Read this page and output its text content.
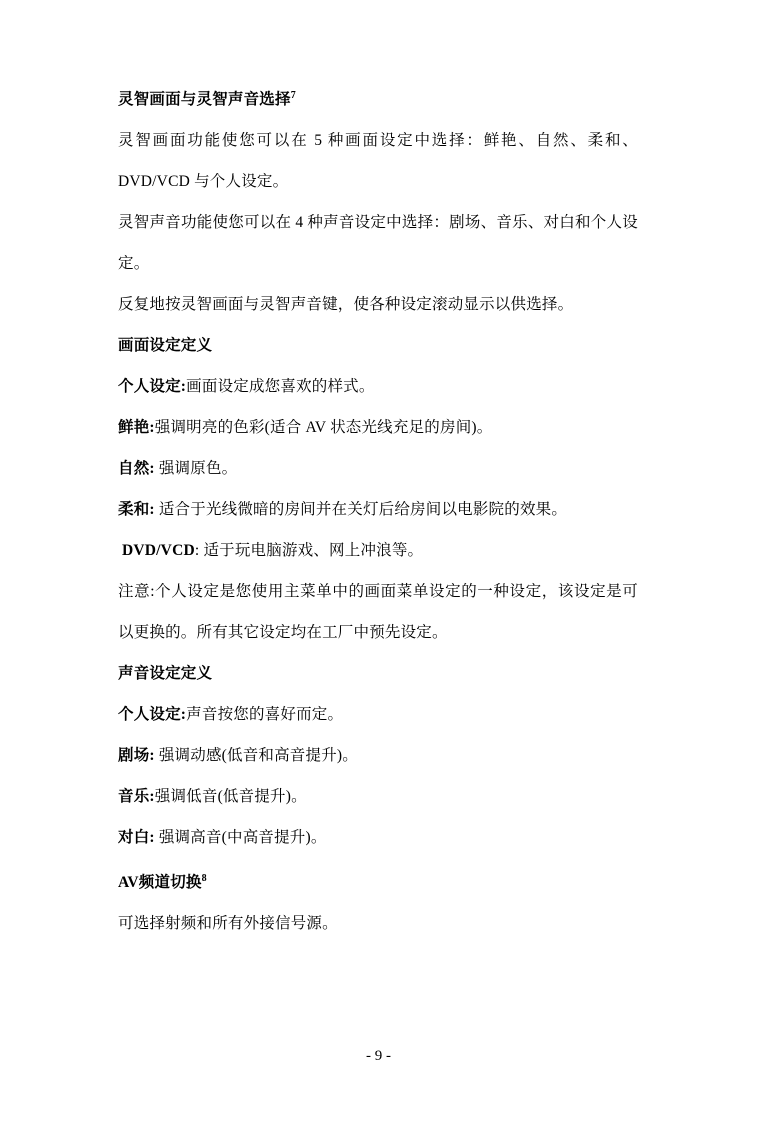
灵智画面与灵智声音选择$^7$

灵智画面功能使您可以在 5 种画面设定中选择：鲜艳、自然、柔和、DVD/VCD 与个人设定。

灵智声音功能使您可以在 4 种声音设定中选择：剧场、音乐、对白和个人设定。

反复地按灵智画面与灵智声音键，使各种设定滚动显示以供选择。

画面设定定义

个人设定:画面设定成您喜欢的样式。

鲜艳:强调明亮的色彩(适合 AV 状态光线充足的房间)。

自然: 强调原色。

柔和: 适合于光线微暗的房间并在关灯后给房间以电影院的效果。

DVD/VCD: 适于玩电脑游戏、网上冲浪等。

注意:个人设定是您使用主菜单中的画面菜单设定的一种设定，该设定是可以更换的。所有其它设定均在工厂中预先设定。

声音设定定义

个人设定:声音按您的喜好而定。

剧场: 强调动感(低音和高音提升)。

音乐:强调低音(低音提升)。

对白: 强调高音(中高音提升)。

AV频道切换$^8$

可选择射频和所有外接信号源。

- 9 -
